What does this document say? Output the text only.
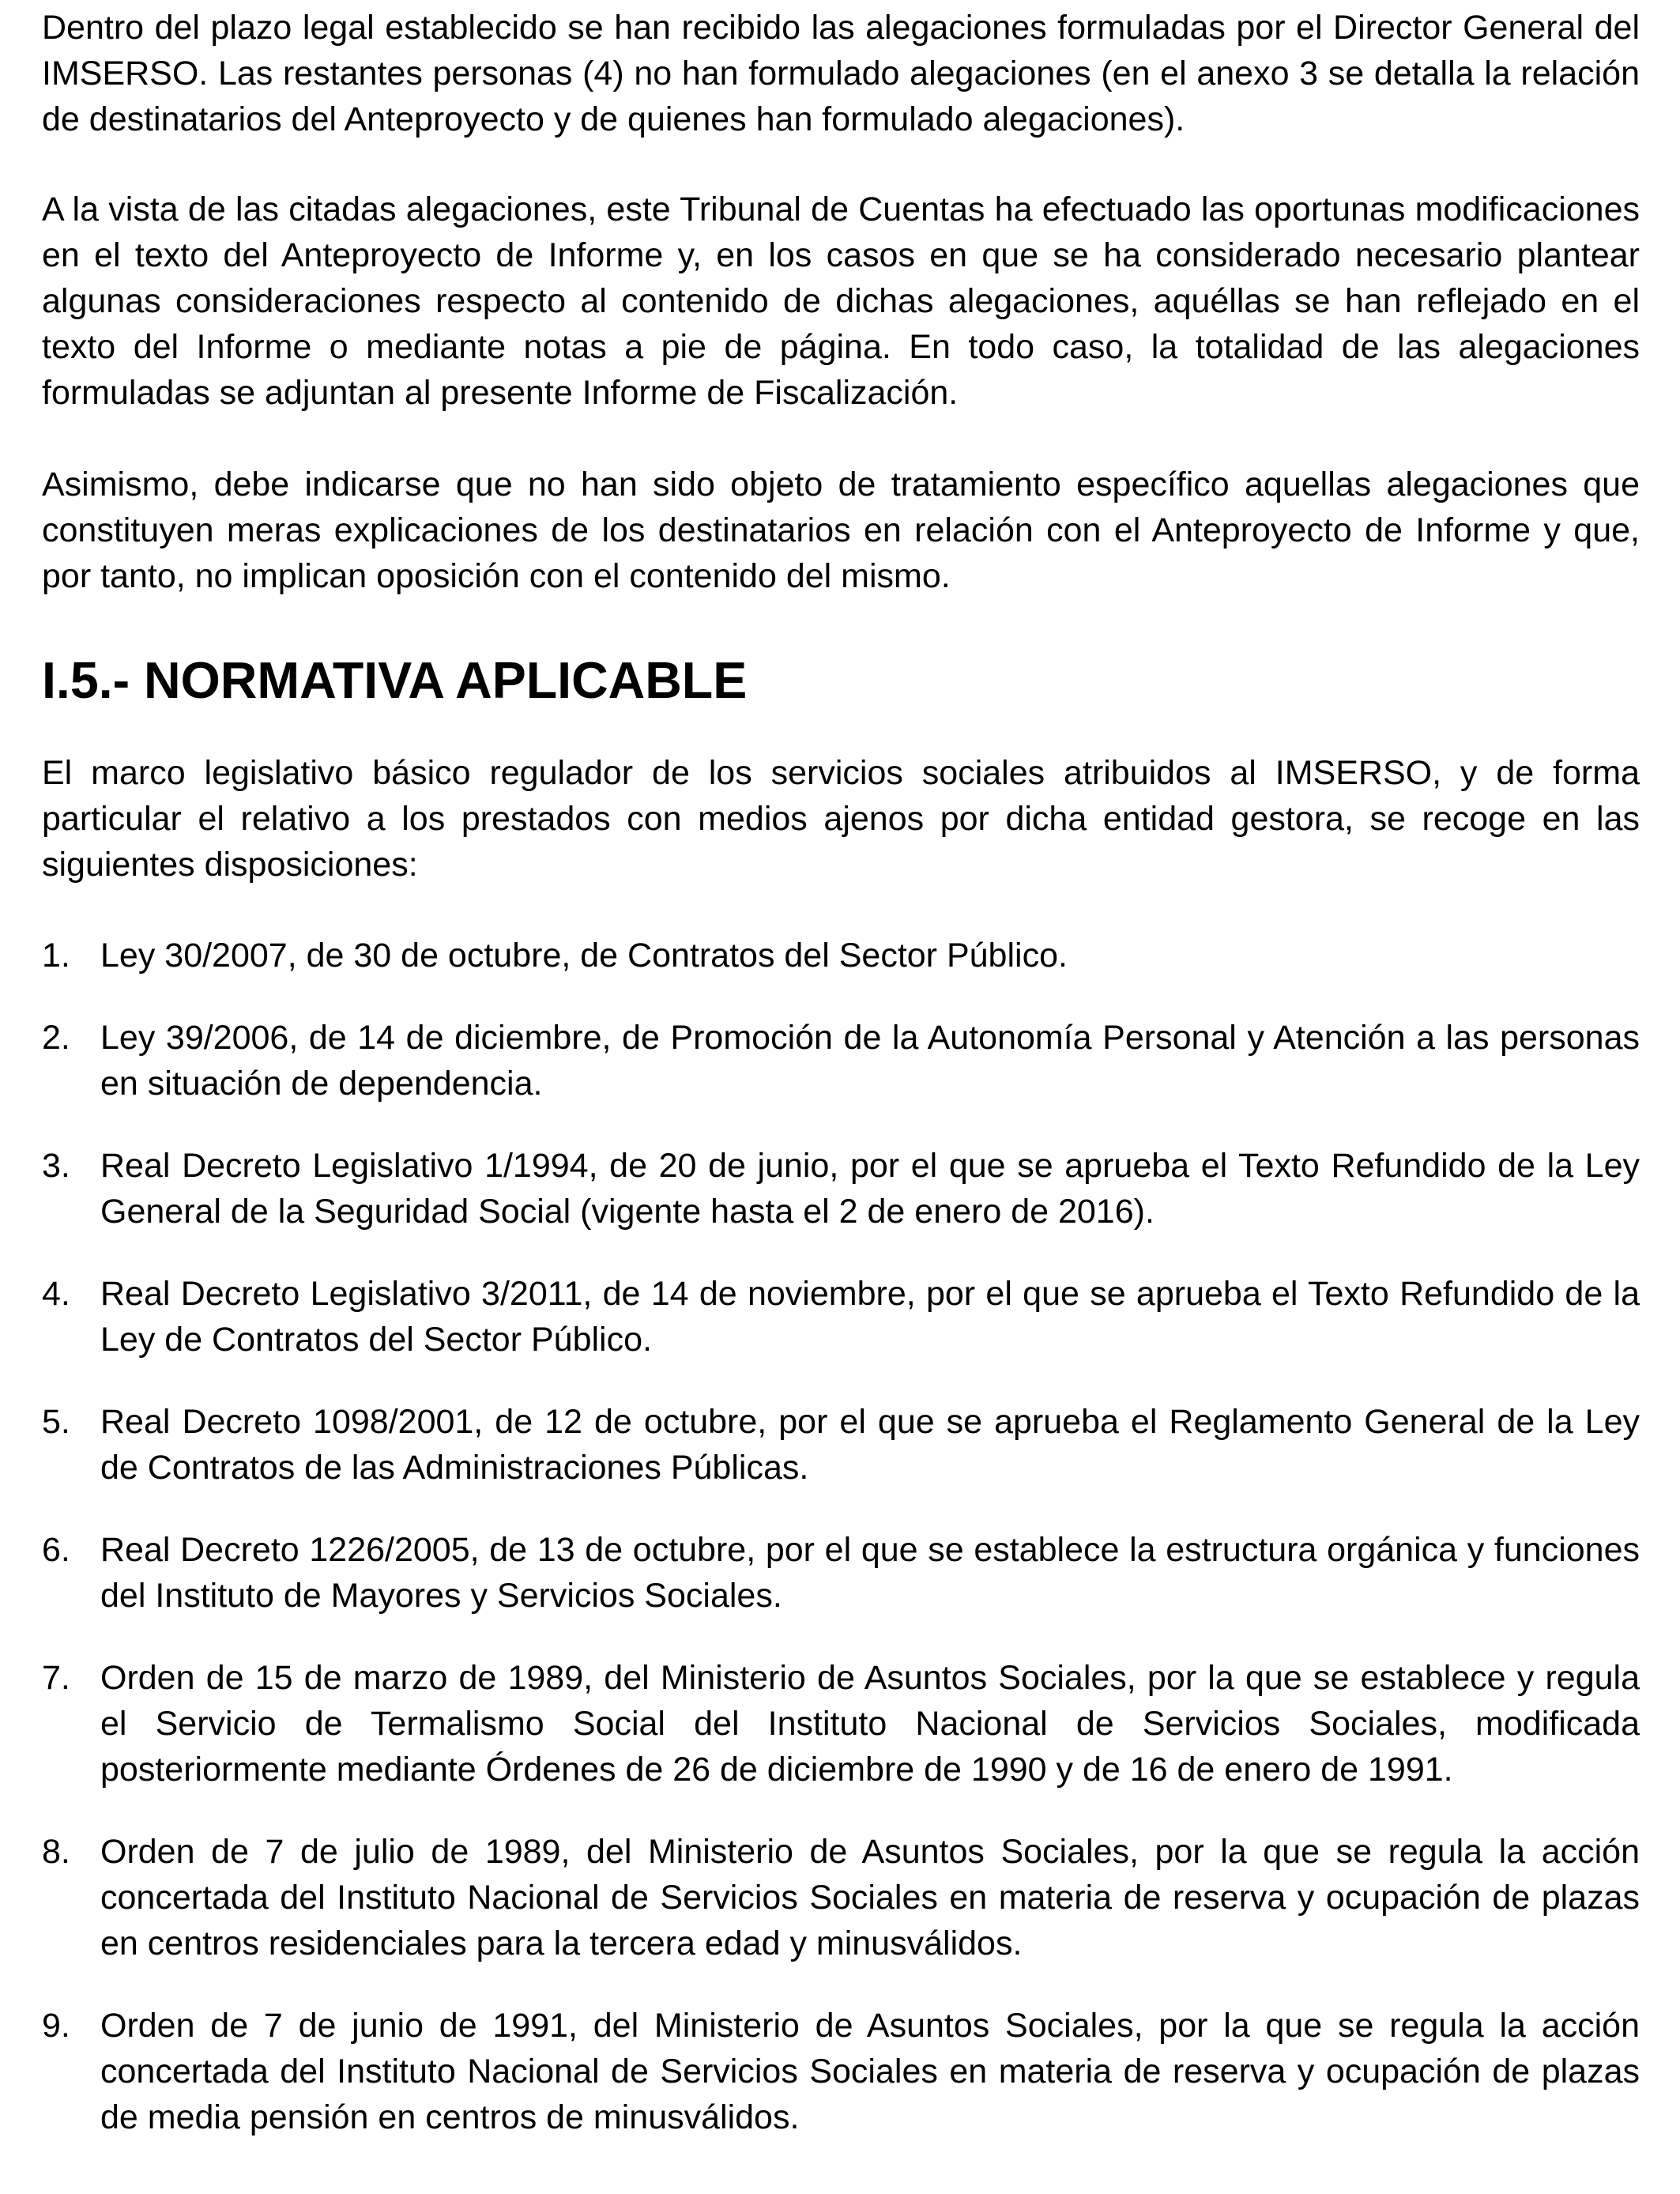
Dentro del plazo legal establecido se han recibido las alegaciones formuladas por el Director General del IMSERSO. Las restantes personas (4) no han formulado alegaciones (en el anexo 3 se detalla la relación de destinatarios del Anteproyecto y de quienes han formulado alegaciones).

A la vista de las citadas alegaciones, este Tribunal de Cuentas ha efectuado las oportunas modificaciones en el texto del Anteproyecto de Informe y, en los casos en que se ha considerado necesario plantear algunas consideraciones respecto al contenido de dichas alegaciones, aquéllas se han reflejado en el texto del Informe o mediante notas a pie de página. En todo caso, la totalidad de las alegaciones formuladas se adjuntan al presente Informe de Fiscalización.

Asimismo, debe indicarse que no han sido objeto de tratamiento específico aquellas alegaciones que constituyen meras explicaciones de los destinatarios en relación con el Anteproyecto de Informe y que, por tanto, no implican oposición con el contenido del mismo.

I.5.- NORMATIVA APLICABLE

El marco legislativo básico regulador de los servicios sociales atribuidos al IMSERSO, y de forma particular el relativo a los prestados con medios ajenos por dicha entidad gestora, se recoge en las siguientes disposiciones:

1. Ley 30/2007, de 30 de octubre, de Contratos del Sector Público.
2. Ley 39/2006, de 14 de diciembre, de Promoción de la Autonomía Personal y Atención a las personas en situación de dependencia.
3. Real Decreto Legislativo 1/1994, de 20 de junio, por el que se aprueba el Texto Refundido de la Ley General de la Seguridad Social (vigente hasta el 2 de enero de 2016).
4. Real Decreto Legislativo 3/2011, de 14 de noviembre, por el que se aprueba el Texto Refundido de la Ley de Contratos del Sector Público.
5. Real Decreto 1098/2001, de 12 de octubre, por el que se aprueba el Reglamento General de la Ley de Contratos de las Administraciones Públicas.
6. Real Decreto 1226/2005, de 13 de octubre, por el que se establece la estructura orgánica y funciones del Instituto de Mayores y Servicios Sociales.
7. Orden de 15 de marzo de 1989, del Ministerio de Asuntos Sociales, por la que se establece y regula el Servicio de Termalismo Social del Instituto Nacional de Servicios Sociales, modificada posteriormente mediante Órdenes de 26 de diciembre de 1990 y de 16 de enero de 1991.
8. Orden de 7 de julio de 1989, del Ministerio de Asuntos Sociales, por la que se regula la acción concertada del Instituto Nacional de Servicios Sociales en materia de reserva y ocupación de plazas en centros residenciales para la tercera edad y minusválidos.
9. Orden de 7 de junio de 1991, del Ministerio de Asuntos Sociales, por la que se regula la acción concertada del Instituto Nacional de Servicios Sociales en materia de reserva y ocupación de plazas de media pensión en centros de minusválidos.
